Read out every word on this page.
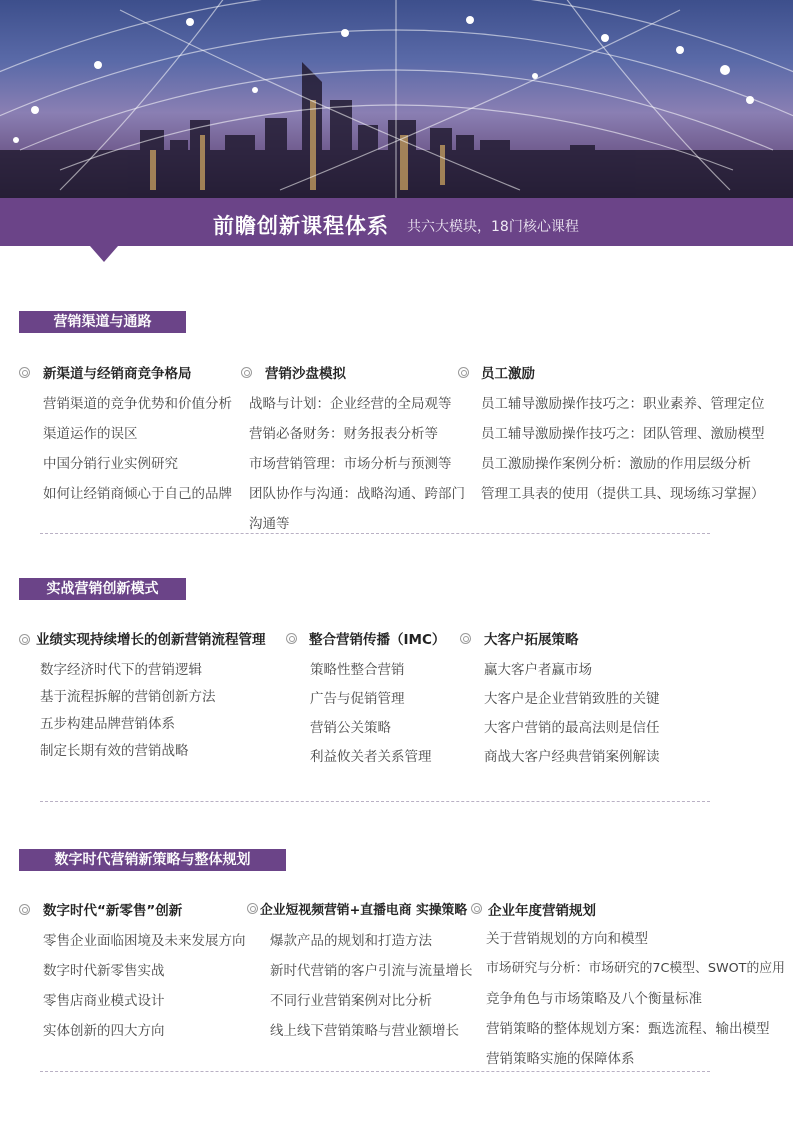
前瞻创新课程体系 共六大模块，18门核心课程
营销渠道与通路
新渠道与经销商竞争格局
营销渠道的竞争优势和价值分析
渠道运作的误区
中国分销行业实例研究
如何让经销商倾心于自己的品牌
营销沙盘模拟
战略与计划：企业经营的全局观等
营销必备财务：财务报表分析等
市场营销管理：市场分析与预测等
团队协作与沟通：战略沟通、跨部门
沟通等
员工激励
员工辅导激励操作技巧之：职业素养、管理定位
员工辅导激励操作技巧之：团队管理、激励模型
员工激励操作案例分析：激励的作用层级分析
管理工具表的使用（提供工具、现场练习掌握）
实战营销创新模式
业绩实现持续增长的创新营销流程管理
数字经济时代下的营销逻辑
基于流程拆解的营销创新方法
五步构建品牌营销体系
制定长期有效的营销战略
整合营销传播（IMC）
策略性整合营销
广告与促销管理
营销公关策略
利益攸关者关系管理
大客户拓展策略
赢大客户者赢市场
大客户是企业营销致胜的关键
大客户营销的最高法则是信任
商战大客户经典营销案例解读
数字时代营销新策略与整体规划
数字时代“新零售”创新
零售企业面临困境及未来发展方向
数字时代新零售实战
零售店商业模式设计
实体创新的四大方向
企业短视频营销+直播电商 实操策略
爆款产品的规划和打造方法
新时代营销的客户引流与流量增长
不同行业营销案例对比分析
线上线下营销策略与营业额增长
企业年度营销规划
关于营销规划的方向和模型
市场研究与分析：市场研究的7C模型、SWOT的应用
竞争角色与市场策略及八个衡量标准
营销策略的整体规划方案：甄选流程、输出模型
营销策略实施的保障体系
